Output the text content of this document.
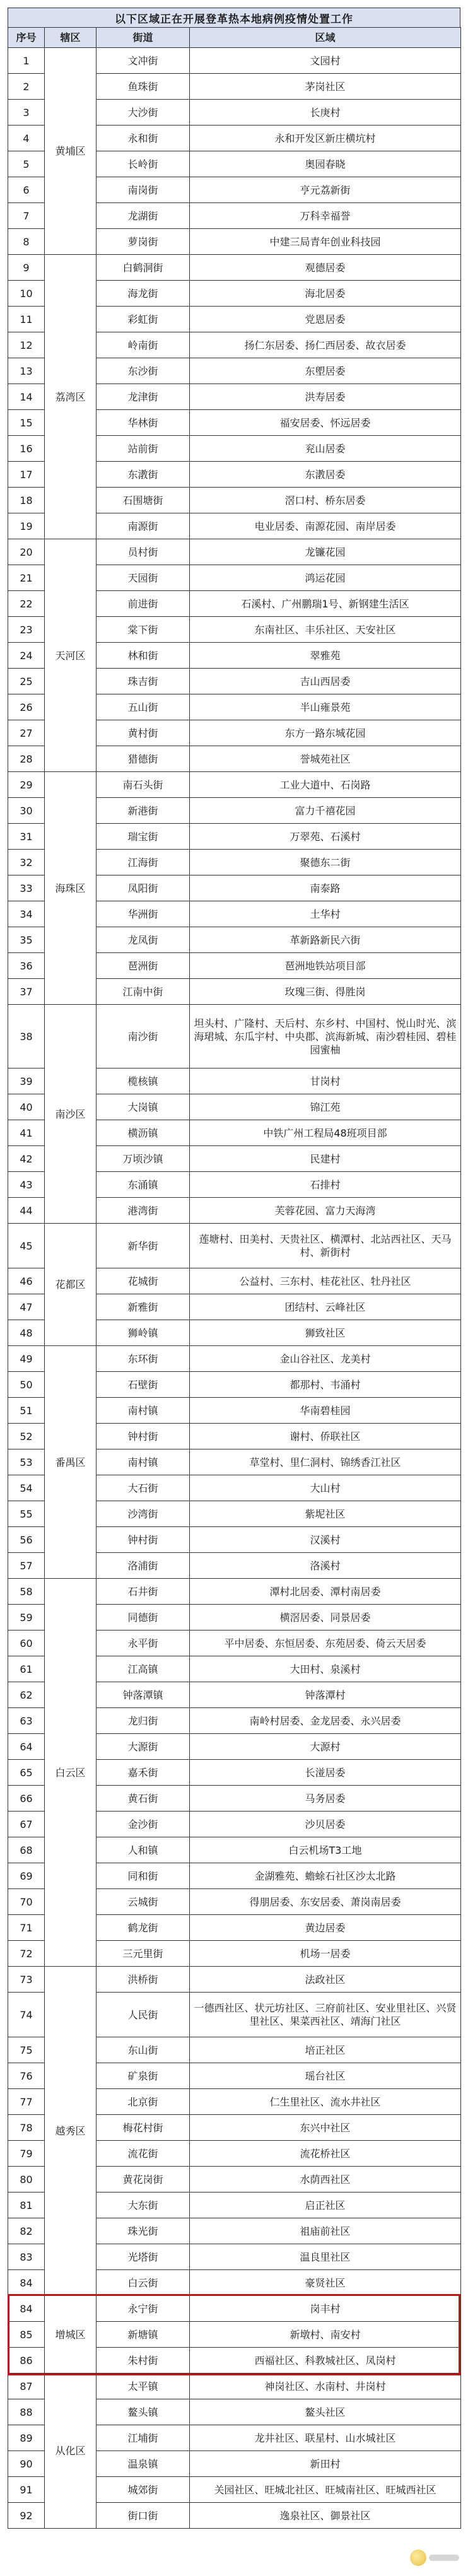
以下区域正在开展登革热本地病例疫情处置工作
序号	辖区	街道	区域
1	黄埔区	文冲街	文园村
2		鱼珠街	茅岗社区
3		大沙街	长庚村
4		永和街	永和开发区新庄横坑村
5		长岭街	奥园春晓
6		南岗街	亨元荔新街
7		龙湖街	万科幸福誉
8		萝岗街	中建三局青年创业科技园
9	荔湾区	白鹤洞街	观德居委
10		海龙街	海北居委
11		彩虹街	党恩居委
12		岭南街	扬仁东居委、扬仁西居委、故衣居委
13		东沙街	东塱居委
14		龙津街	洪寿居委
15		华林街	福安居委、怀远居委
16		站前街	兖山居委
17		东漖街	东漖居委
18		石围塘街	滘口村、桥东居委
19		南源街	电业居委、南源花园、南岸居委
20	天河区	员村街	龙镰花园
21		天园街	鸿运花园
22		前进街	石溪村、广州鹏瑞1号、新钢建生活区
23		棠下街	东南社区、丰乐社区、天安社区
24		林和街	翠雅苑
25		珠吉街	吉山西居委
26		五山街	半山雍景苑
27		黄村街	东方一路东城花园
28		猎德街	誉城苑社区
29	海珠区	南石头街	工业大道中、石岗路
30		新港街	富力千禧花园
31		瑞宝街	万翠苑、石溪村
32		江海街	聚德东二街
33		凤阳街	南泰路
34		华洲街	土华村
35		龙凤街	革新路新民六街
36		琶洲街	琶洲地铁站项目部
37		江南中街	玫瑰三街、得胜岗
38	南沙区	南沙街	坦头村、广隆村、天后村、东乡村、中国村、悦山时光、滨海珺城、东瓜宇村、中央郡、滨海新城、南沙碧桂园、碧桂园蜜柚
39		榄核镇	甘岗村
40		大岗镇	锦江苑
41		横沥镇	中铁广州工程局48班项目部
42		万顷沙镇	民建村
43		东涌镇	石排村
44		港湾街	芙蓉花园、富力天海湾
45	花都区	新华街	莲塘村、田美村、天贵社区、横潭村、北站西社区、天马村、新街村
46		花城街	公益村、三东村、桂花社区、牡丹社区
47		新雅街	团结村、云峰社区
48		狮岭镇	狮致社区
49	番禺区	东环街	金山谷社区、龙美村
50		石壁街	都那村、韦涌村
51		南村镇	华南碧桂园
52		钟村街	谢村、侨联社区
53		南村镇	草堂村、里仁洞村、锦绣香江社区
54		大石街	大山村
55		沙湾街	紫坭社区
56		钟村街	汉溪村
57		洛浦街	洛溪村
58	白云区	石井街	潭村北居委、潭村南居委
59		同德街	横滘居委、同景居委
60		永平街	平中居委、东恒居委、东苑居委、倚云天居委
61		江高镇	大田村、泉溪村
62		钟落潭镇	钟落潭村
63		龙归街	南岭村居委、金龙居委、永兴居委
64		大源街	大源村
65		嘉禾街	长湴居委
66		黄石街	马务居委
67		金沙街	沙贝居委
68		人和镇	白云机场T3工地
69		同和街	金湖雅苑、蟾蜍石社区沙太北路
70		云城街	得朋居委、东安居委、萧岗南居委
71		鹤龙街	黄边居委
72		三元里街	机场一居委
73	越秀区	洪桥街	法政社区
74		人民街	一德西社区、状元坊社区、三府前社区、安业里社区、兴贤里社区、果菜西社区、靖海门社区
75		东山街	培正社区
76		矿泉街	瑶台社区
77		北京街	仁生里社区、流水井社区
78		梅花村街	东兴中社区
79		流花街	流花桥社区
80		黄花岗街	水荫西社区
81		大东街	启正社区
82		珠光街	祖庙前社区
83		光塔街	温良里社区
84		白云街	豪贤社区
84	增城区	永宁街	岗丰村
85		新塘镇	新墩村、南安村
86		朱村街	西福社区、科教城社区、凤岗村
87	从化区	太平镇	神岗社区、水南村、井岗村
88		鳌头镇	鳌头社区
89		江埔街	龙井社区、联星村、山水城社区
90		温泉镇	新田村
91		城郊街	关园社区、旺城北社区、旺城南社区、旺城西社区
92		街口街	逸泉社区、御景社区
